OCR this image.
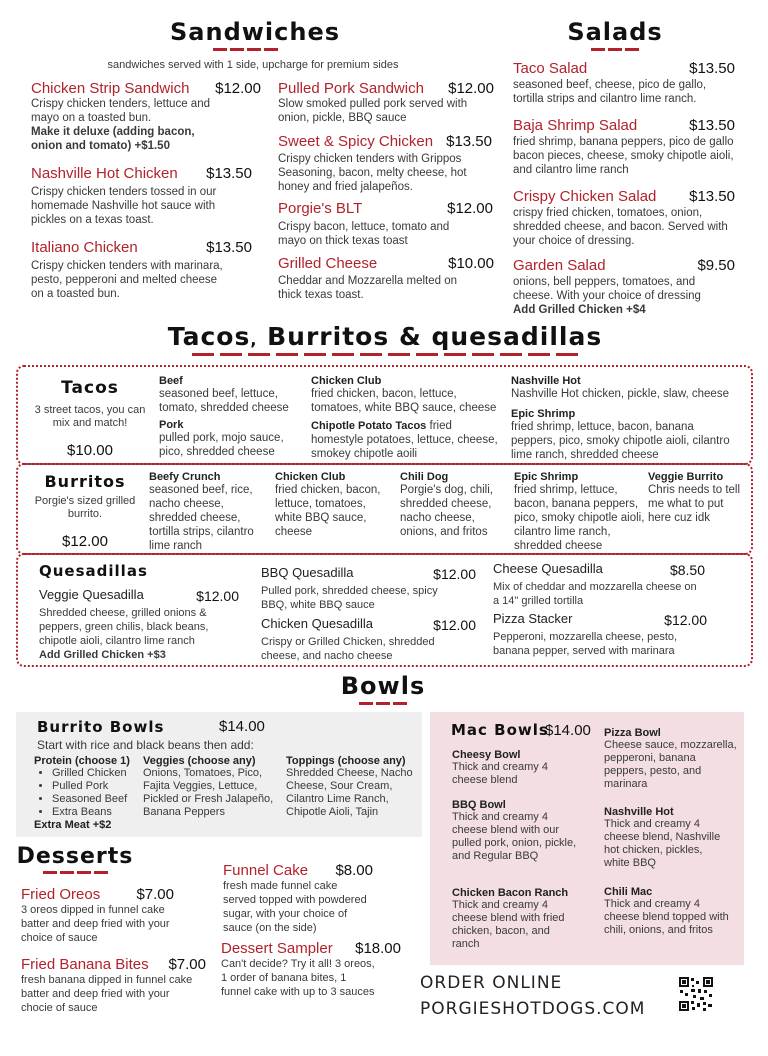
Sandwiches
sandwiches served with 1 side, upcharge for premium sides
Chicken Strip Sandwich $12.00
Crispy chicken tenders, lettuce and mayo on a toasted bun.
Make it deluxe (adding bacon, onion and tomato) +$1.50
Nashville Hot Chicken $13.50
Crispy chicken tenders tossed in our homemade Nashville hot sauce with pickles on a texas toast.
Italiano Chicken	$13.50
Crispy chicken tenders with marinara, pesto, pepperoni and melted cheese on a toasted bun.
Pulled Pork Sandwich $12.00
Slow smoked pulled pork served with onion, pickle, BBQ sauce
Sweet & Spicy Chicken $13.50
Crispy chicken tenders with Grippos Seasoning, bacon, melty cheese, hot honey and fried jalapeños.
Porgie's BLT	$12.00
Crispy bacon, lettuce, tomato and mayo on thick texas toast
Grilled Cheese	$10.00
Cheddar and Mozzarella melted on thick texas toast.
Salads
Taco Salad	$13.50
seasoned beef, cheese, pico de gallo, tortilla strips and cilantro lime ranch.
Baja Shrimp Salad	$13.50
fried shrimp, banana peppers, pico de gallo bacon pieces, cheese, smoky chipotle aioli, and cilantro lime ranch
Crispy Chicken Salad $13.50
crispy fried chicken, tomatoes, onion, shredded cheese, and bacon. Served with your choice of dressing.
Garden Salad	$9.50
onions, bell peppers, tomatoes, and cheese. With your choice of dressing
Add Grilled Chicken +$4
Tacos, Burritos & quesadillas
Tacos
3 street tacos, you can mix and match!
$10.00
Beef
seasoned beef, lettuce, tomato, shredded cheese
Pork
pulled pork, mojo sauce, pico, shredded cheese
Chicken Club
fried chicken, bacon, lettuce, tomatoes, white BBQ sauce, cheese
Chipotle Potato Tacos fried homestyle potatoes, lettuce, cheese, smokey chipotle aoili
Nashville Hot
Nashville Hot chicken, pickle, slaw, cheese
Epic Shrimp
fried shrimp, lettuce, bacon, banana peppers, pico, smoky chipotle aioli, cilantro lime ranch, shredded cheese
Burritos
Porgie's sized grilled burrito.
$12.00
Beefy Crunch
seasoned beef, rice, nacho cheese, shredded cheese, tortilla strips, cilantro lime ranch
Chicken Club
fried chicken, bacon, lettuce, tomatoes, white BBQ sauce, cheese
Chili Dog
Porgie's dog, chili, shredded cheese, nacho cheese, onions, and fritos
Epic Shrimp
fried shrimp, lettuce, bacon, banana peppers, pico, smoky chipotle aioli, cilantro lime ranch, shredded cheese
Veggie Burrito
Chris needs to tell me what to put here cuz idk
Quesadillas
Veggie Quesadilla	$12.00
Shredded cheese, grilled onions & peppers, green chilis, black beans, chipotle aioli, cilantro lime ranch
Add Grilled Chicken +$3
BBQ Quesadilla	$12.00
Pulled pork, shredded cheese, spicy BBQ, white BBQ sauce
Chicken Quesadilla	$12.00
Crispy or Grilled Chicken, shredded cheese, and nacho cheese
Cheese Quesadilla	$8.50
Mix of cheddar and mozzarella cheese on a 14" grilled tortilla
Pizza Stacker	$12.00
Pepperoni, mozzarella cheese, pesto, banana pepper, served with marinara
Bowls
Burrito Bowls	$14.00
Start with rice and black beans then add:
Protein (choose 1)
• Grilled Chicken
• Pulled Pork
• Seasoned Beef
• Extra Beans
Extra Meat +$2
Veggies (choose any)
Onions, Tomatoes, Pico, Fajita Veggies, Lettuce, Pickled or Fresh Jalapeño, Banana Peppers
Toppings (choose any)
Shredded Cheese, Nacho Cheese, Sour Cream, Cilantro Lime Ranch, Chipotle Aioli, Tajin
Mac Bowls
$14.00
Cheesy Bowl
Thick and creamy 4 cheese blend
BBQ Bowl
Thick and creamy 4 cheese blend with our pulled pork, onion, pickle, and Regular BBQ
Chicken Bacon Ranch
Thick and creamy 4 cheese blend with fried chicken, bacon, and ranch
Pizza Bowl
Cheese sauce, mozzarella, pepperoni, banana peppers, pesto, and marinara
Nashville Hot
Thick and creamy 4 cheese blend, Nashville hot chicken, pickles, white BBQ
Chili Mac
Thick and creamy 4 cheese blend topped with chili, onions, and fritos
Desserts
Fried Oreos $7.00
3 oreos dipped in funnel cake batter and deep fried with your choice of sauce
Fried Banana Bites $7.00
fresh banana dipped in funnel cake batter and deep fried with your chocie of sauce
Funnel Cake $8.00
fresh made funnel cake served topped with powdered sugar, with your choice of sauce (on the side)
Dessert Sampler $18.00
Can't decide? Try it all! 3 oreos, 1 order of banana bites, 1 funnel cake with up to 3 sauces	ORDER ONLINE
PORGIESHOTDOGS.COM
